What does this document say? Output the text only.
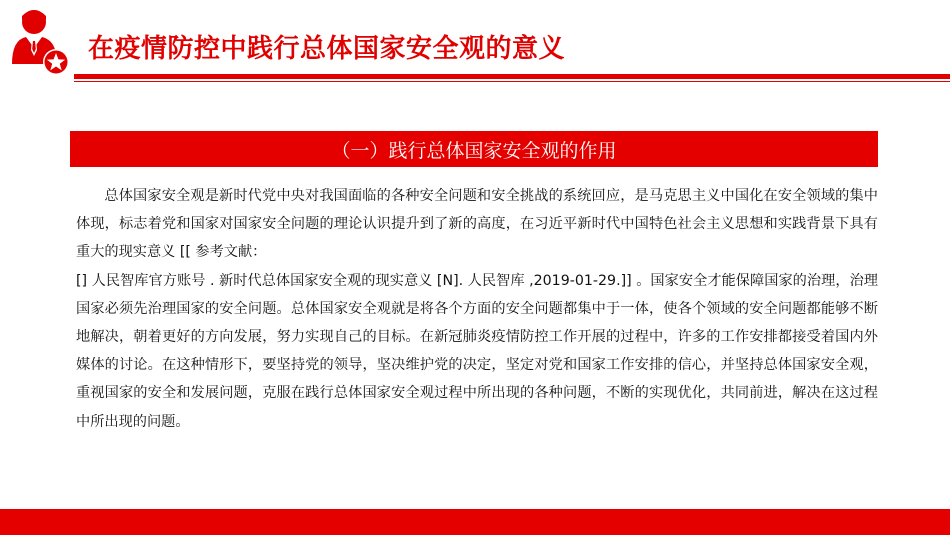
在疫情防控中践行总体国家安全观的意义
（一）践行总体国家安全观的作用

总体国家安全观是新时代党中央对我国面临的各种安全问题和安全挑战的系统回应，是马克思主义中国化在安全领域的集中体现，标志着党和国家对国家安全问题的理论认识提升到了新的高度，在习近平新时代中国特色社会主义思想和实践背景下具有重大的现实意义 [[ 参考文献：

[] 人民智库官方账号 . 新时代总体国家安全观的现实意义 [N]. 人民智库 ,2019-01-29.]] 。国家安全才能保障国家的治理，治理国家必须先治理国家的安全问题。总体国家安全观就是将各个方面的安全问题都集中于一体，使各个领域的安全问题都能够不断地解决，朝着更好的方向发展，努力实现自己的目标。在新冠肺炎疫情防控工作开展的过程中，许多的工作安排都接受着国内外媒体的讨论。在这种情形下，要坚持党的领导，坚决维护党的决定，坚定对党和国家工作安排的信心，并坚持总体国家安全观，重视国家的安全和发展问题，克服在践行总体国家安全观过程中所出现的各种问题，不断的实现优化，共同前进，解决在这过程中所出现的问题。
